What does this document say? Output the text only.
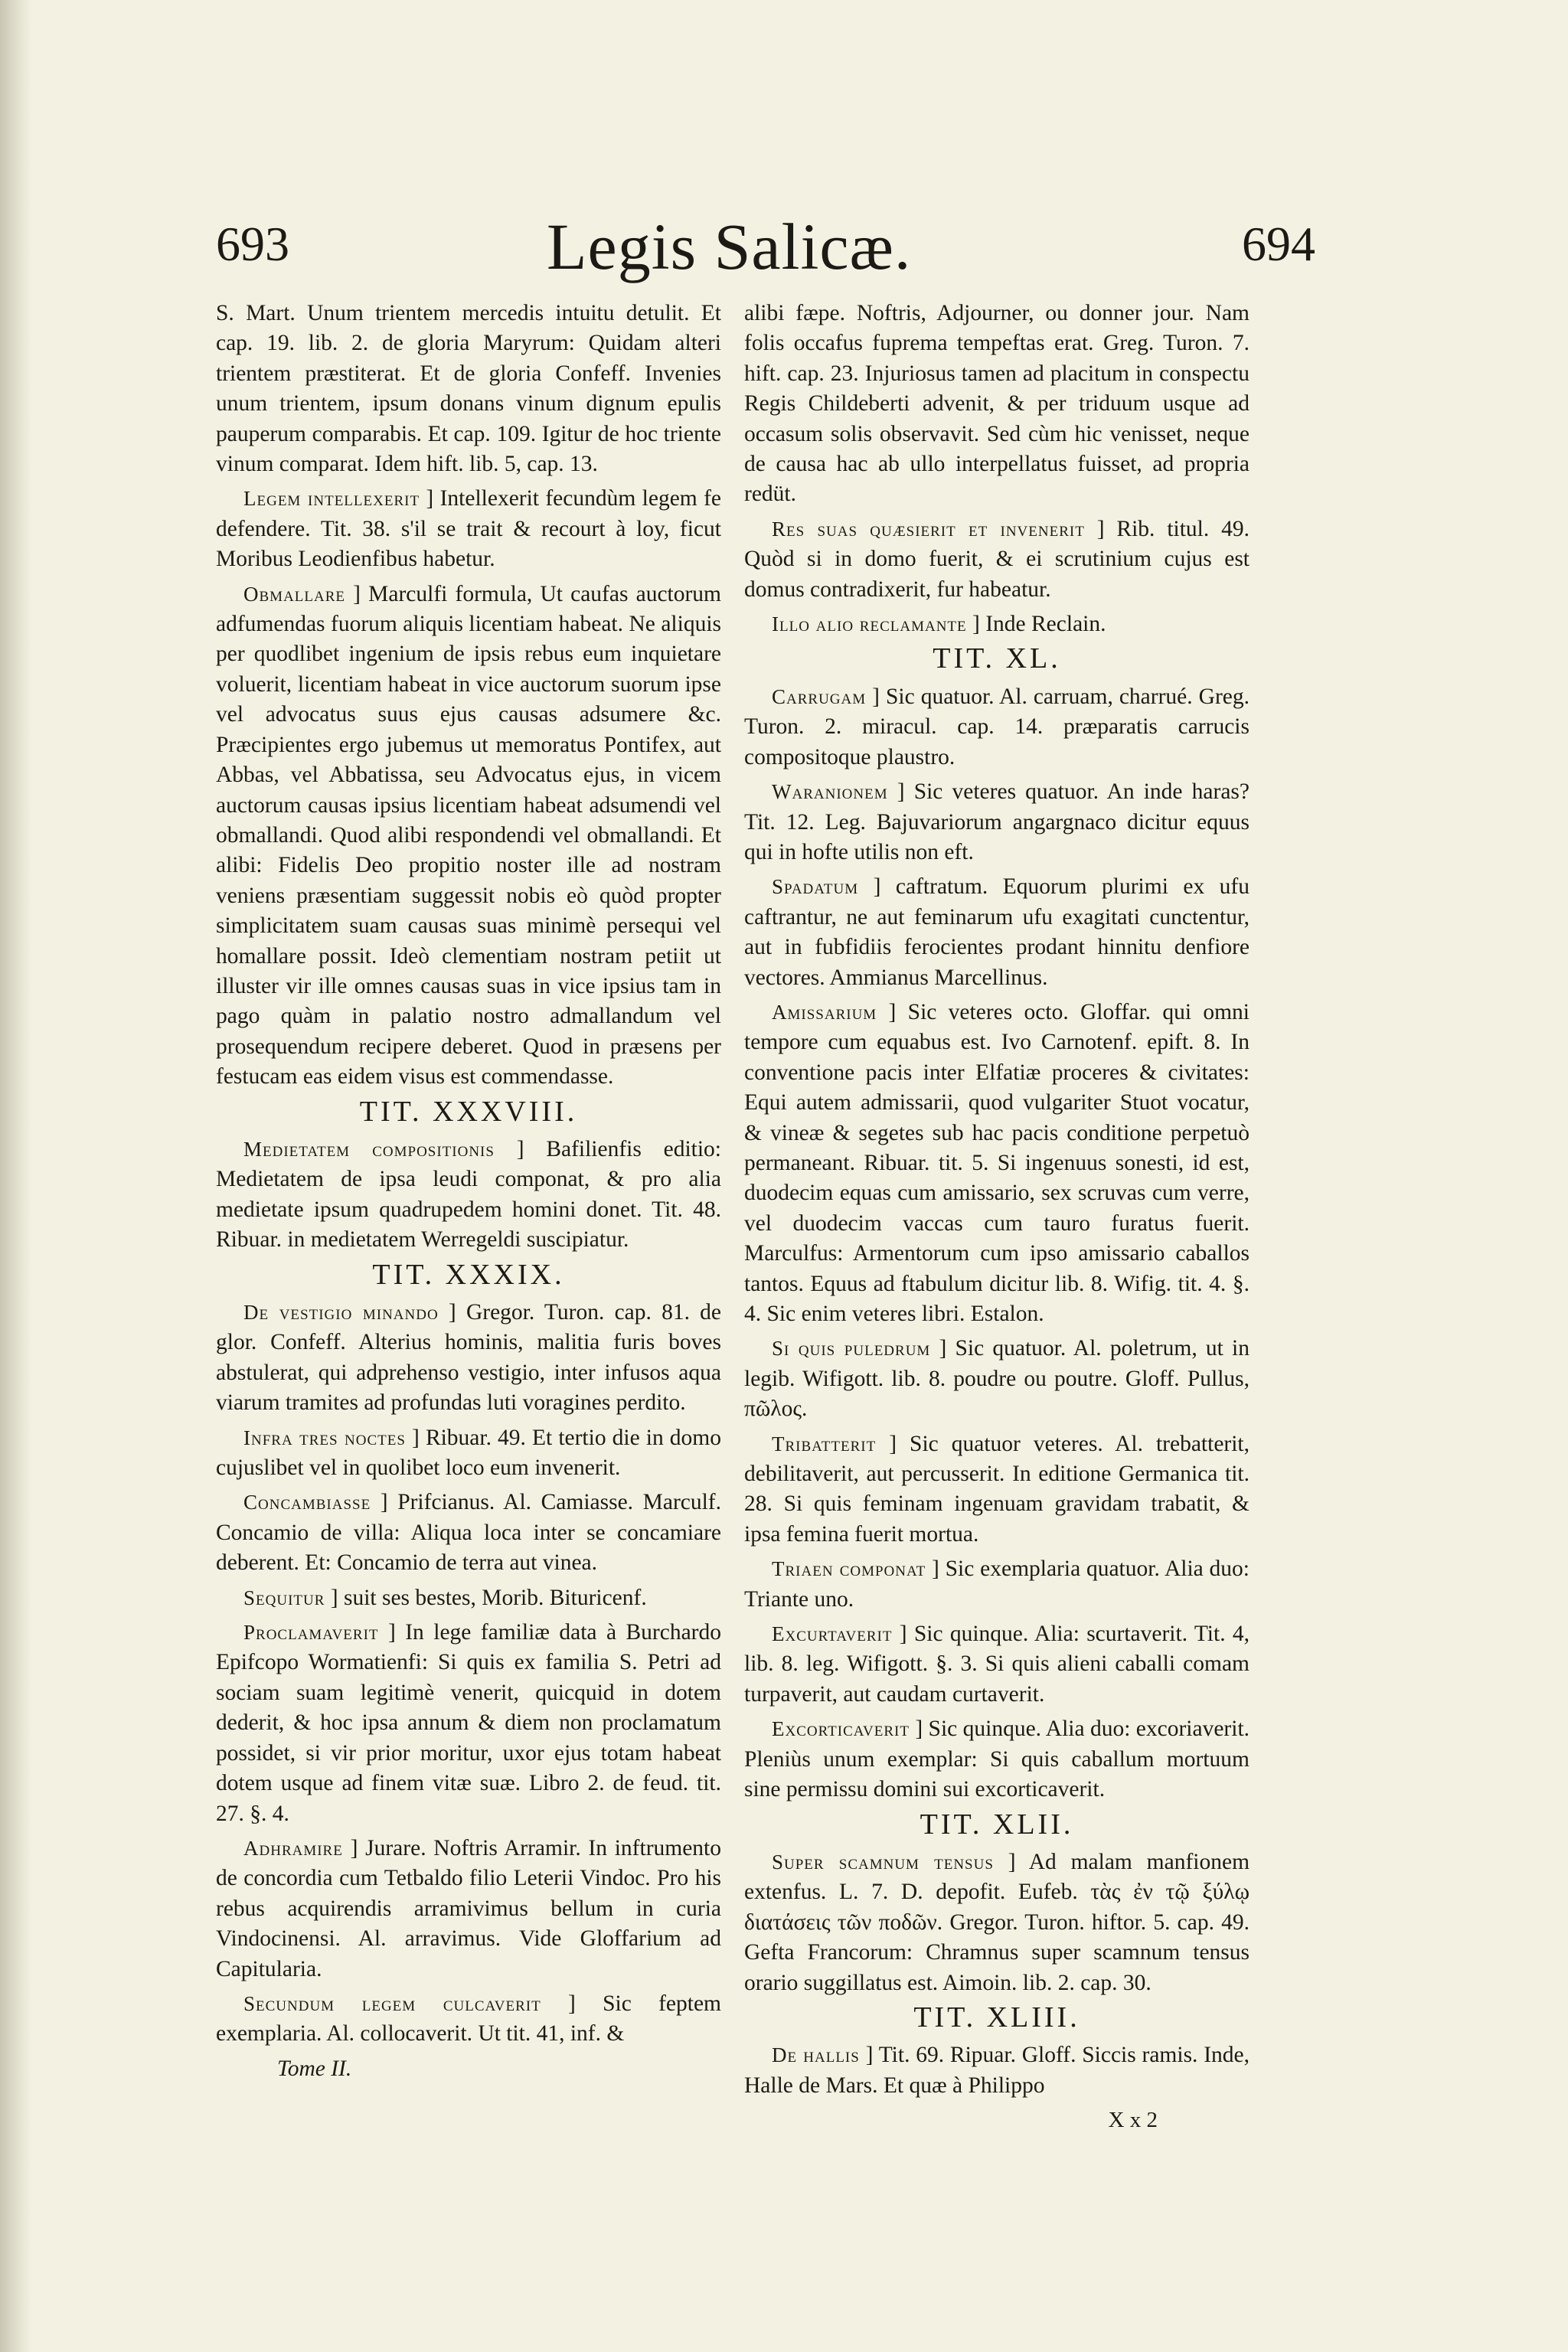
693	Legis Salicæ.	694

S. Mart. Unum trientem mercedis intuitu detulit. Et cap. 19. lib. 2. de gloria Maryrum: Quidam alteri trientem præstiterat. Et de gloria Confeff. Invenies unum trientem, ipsum donans vinum dignum epulis pauperum comparabis. Et cap. 109. Igitur de hoc triente vinum comparat. Idem hift. lib. 5, cap. 13.

Legem intellexerit ] Intellexerit fecundùm legem fe defendere. Tit. 38. s'il se trait & recourt à loy, ficut Moribus Leodienfibus habetur.

Obmallare ] Marculfi formula, Ut caufas auctorum adfumendas fuorum aliquis licentiam habeat. Ne aliquis per quodlibet ingenium de ipsis rebus eum inquietare voluerit, licentiam habeat in vice auctorum suorum ipse vel advocatus suus ejus causas adsumere &c. Præcipientes ergo jubemus ut memoratus Pontifex, aut Abbas, vel Abbatissa, seu Advocatus ejus, in vicem auctorum causas ipsius licentiam habeat adsumendi vel obmallandi. Quod alibi respondendi vel obmallandi. Et alibi: Fidelis Deo propitio noster ille ad nostram veniens præsentiam suggessit nobis eò quòd propter simplicitatem suam causas suas minimè persequi vel homallare possit. Ideò clementiam nostram petiit ut illuster vir ille omnes causas suas in vice ipsius tam in pago quàm in palatio nostro admallandum vel prosequendum recipere deberet. Quod in præsens per festucam eas eidem visus est commendasse.

TIT. XXXVIII.

Medietatem compositionis ] Bafilienfis editio: Medietatem de ipsa leudi componat, & pro alia medietate ipsum quadrupedem homini donet. Tit. 48. Ribuar. in medietatem Werregeldi suscipiatur.

TIT. XXXIX.

De vestigio minando ] Gregor. Turon. cap. 81. de glor. Confeff. Alterius hominis, malitia furis boves abstulerat, qui adprehenso vestigio, inter infusos aqua viarum tramites ad profundas luti voragines perdito.

Infra tres noctes ] Ribuar. 49. Et tertio die in domo cujuslibet vel in quolibet loco eum invenerit.

Concambiasse ] Prifcianus. Al. Camiasse. Marculf. Concamio de villa: Aliqua loca inter se concamiare deberent. Et: Concamio de terra aut vinea.

Sequitur ] suit ses bestes, Morib. Bituricenf.

Proclamaverit ] In lege familiæ data à Burchardo Epifcopo Wormatienfi: Si quis ex familia S. Petri ad sociam suam legitimè venerit, quicquid in dotem dederit, & hoc ipsa annum & diem non proclamatum possidet, si vir prior moritur, uxor ejus totam habeat dotem usque ad finem vitæ suæ. Libro 2. de feud. tit. 27. §. 4.

Adhramire ] Jurare. Noftris Arramir. In inftrumento de concordia cum Tetbaldo filio Leterii Vindoc. Pro his rebus acquirendis arramivimus bellum in curia Vindocinensi. Al. arravimus. Vide Gloffarium ad Capitularia.

Secundum legem culcaverit ] Sic feptem exemplaria. Al. collocaverit. Ut tit. 41, inf. &

Tome II.

alibi fæpe. Noftris, Adjourner, ou donner jour. Nam folis occafus fuprema tempeftas erat. Greg. Turon. 7. hift. cap. 23. Injuriosus tamen ad placitum in conspectu Regis Childeberti advenit, & per triduum usque ad occasum solis observavit. Sed cùm hic venisset, neque de causa hac ab ullo interpellatus fuisset, ad propria redüt.

Res suas quæsierit et invenerit ] Rib. titul. 49. Quòd si in domo fuerit, & ei scrutinium cujus est domus contradixerit, fur habeatur.

Illo alio reclamante ] Inde Reclain.

TIT. XL.

Carrugam ] Sic quatuor. Al. carruam, charrué. Greg. Turon. 2. miracul. cap. 14. præparatis carrucis compositoque plaustro.

Waranionem ] Sic veteres quatuor. An inde haras? Tit. 12. Leg. Bajuvariorum angargnaco dicitur equus qui in hofte utilis non eft.

Spadatum ] caftratum. Equorum plurimi ex ufu caftrantur, ne aut feminarum ufu exagitati cunctentur, aut in fubfidiis ferocientes prodant hinnitu denfiore vectores. Ammianus Marcellinus.

Amissarium ] Sic veteres octo. Gloffar. qui omni tempore cum equabus est. Ivo Carnotenf. epift. 8. In conventione pacis inter Elfatiæ proceres & civitates: Equi autem admissarii, quod vulgariter Stuot vocatur, & vineæ & segetes sub hac pacis conditione perpetuò permaneant. Ribuar. tit. 5. Si ingenuus sonesti, id est, duodecim equas cum amissario, sex scruvas cum verre, vel duodecim vaccas cum tauro furatus fuerit. Marculfus: Armentorum cum ipso amissario caballos tantos. Equus ad ftabulum dicitur lib. 8. Wifig. tit. 4. §. 4. Sic enim veteres libri. Estalon.

Si quis puledrum ] Sic quatuor. Al. poletrum, ut in legib. Wifigott. lib. 8. poudre ou poutre. Gloff. Pullus, πῶλος.

Tribatterit ] Sic quatuor veteres. Al. trebatterit, debilitaverit, aut percusserit. In editione Germanica tit. 28. Si quis feminam ingenuam gravidam trabatit, & ipsa femina fuerit mortua.

Triaen componat ] Sic exemplaria quatuor. Alia duo: Triante uno.

Excurtaverit ] Sic quinque. Alia: scurtaverit. Tit. 4, lib. 8. leg. Wifigott. §. 3. Si quis alieni caballi comam turpaverit, aut caudam curtaverit.

Excorticaverit ] Sic quinque. Alia duo: excoriaverit. Pleniùs unum exemplar: Si quis caballum mortuum sine permissu domini sui excorticaverit.

TIT. XLII.

Super scamnum tensus ] Ad malam manfionem extenfus. L. 7. D. depofit. Eufeb. τὰς ἐν τῷ ξύλῳ διατάσεις τῶν ποδῶν. Gregor. Turon. hiftor. 5. cap. 49. Gefta Francorum: Chramnus super scamnum tensus orario suggillatus est. Aimoin. lib. 2. cap. 30.

TIT. XLIII.

De hallis ] Tit. 69. Ripuar. Gloff. Siccis ramis. Inde, Halle de Mars. Et quæ à Philippo

X x 2
